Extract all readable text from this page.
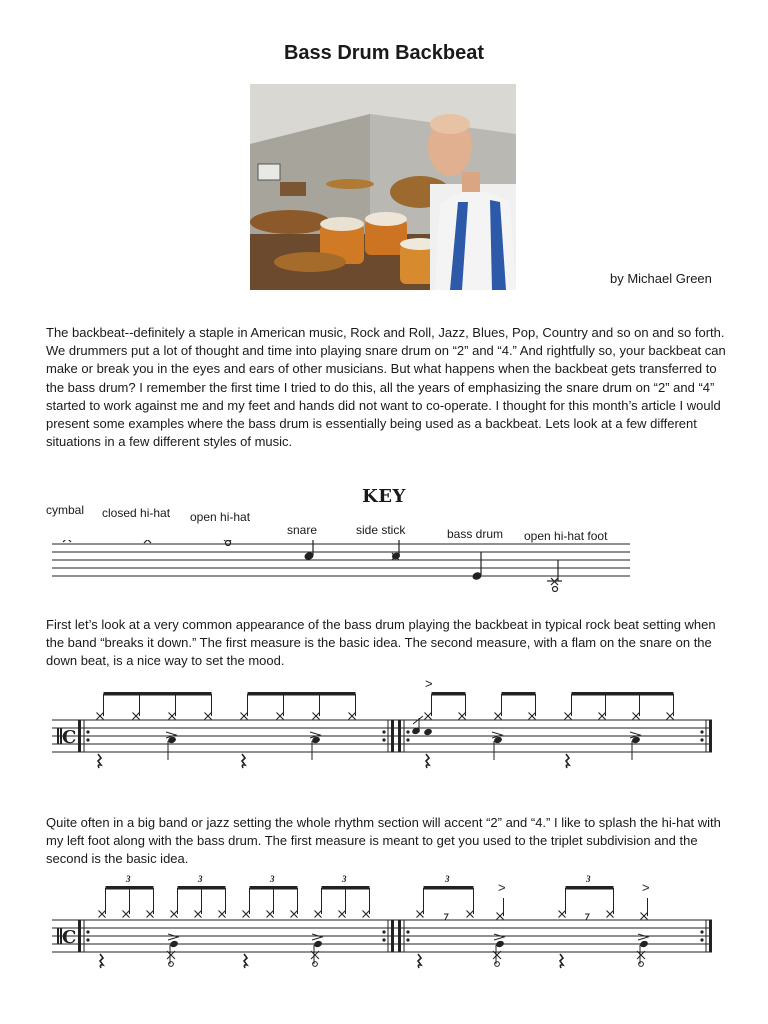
Bass Drum Backbeat
by Michael Green

The backbeat--definitely a staple in American music, Rock and Roll, Jazz, Blues, Pop, Country and so on and so forth. We drummers put a lot of thought and time into playing snare drum on “2” and “4.” And rightfully so, your backbeat can make or break you in the eyes and ears of other musicians. But what happens when the backbeat gets transferred to the bass drum? I remember the first time I tried to do this, all the years of emphasizing the snare drum on “2” and “4” started to work against me and my feet and hands did not want to co-operate. I thought for this month’s article I would present some examples where the bass drum is essentially being used as a backbeat. Lets look at a few different situations in a few different styles of music.

KEY
cymbal closed hi-hat open hi-hat
snare	side stick	bass drum open hi-hat foot

First let’s look at a very common appearance of the bass drum playing the backbeat in typical rock beat setting when the band “breaks it down.” The first measure is the basic idea. The second measure, with a flam on the snare on the down beat, is a nice way to set the mood.

C
>

Quite often in a big band or jazz setting the whole rhythm section will accent “2” and “4.” I like to splash the hi-hat with my left foot along with the bass drum. The first measure is meant to get you used to the triplet subdivision and the second is the basic idea.

C
3	3	3	3	3	3
>	>
